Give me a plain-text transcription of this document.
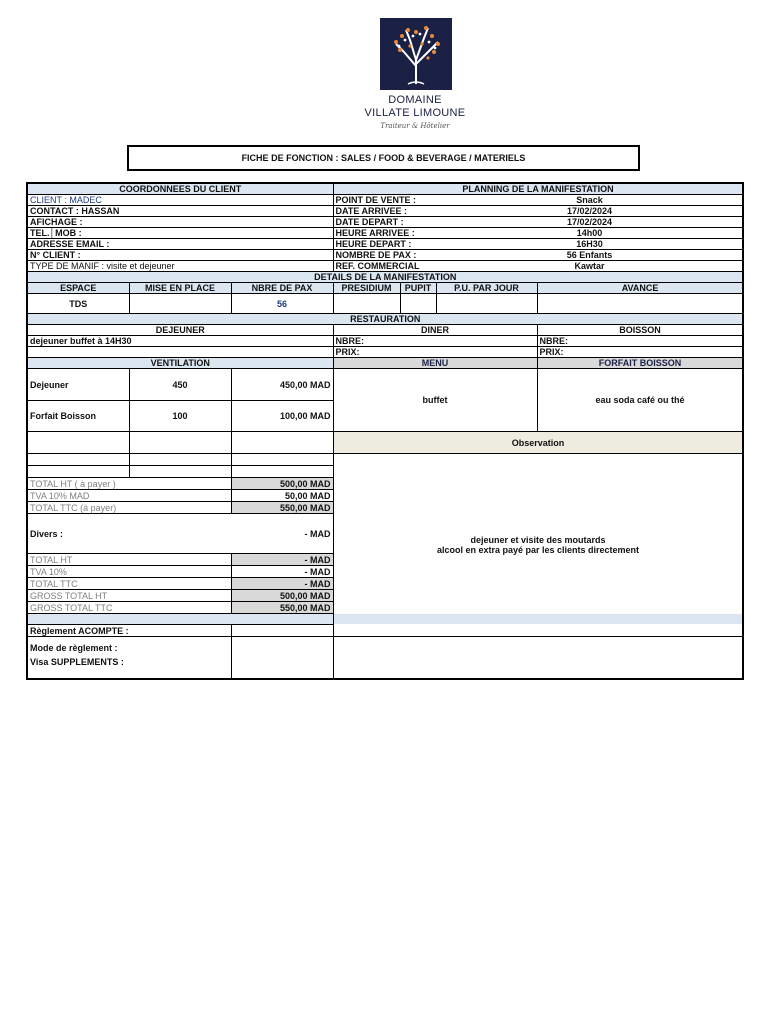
DOMAINE
VILLATE LIMOUNE
Traiteur & Hôtelier
FICHE DE FONCTION : SALES / FOOD & BEVERAGE / MATERIELS
COORDONNEES DU CLIENT			PLANNING DE LA MANIFESTATION				
CLIENT : MADEC			POINT DE VENTE :		Snack		
CONTACT : HASSAN			DATE ARRIVEE :		17/02/2024		
AFICHAGE :			DATE DEPART :		17/02/2024		
TEL.│MOB :			HEURE ARRIVEE :		14h00		
ADRESSE EMAIL :			HEURE DEPART :		16H30		
N° CLIENT :			NOMBRE DE PAX :		56 Enfants		
TYPE DE MANIF : visite et dejeuner			REF. COMMERCIAL		Kawtar		
DETAILS DE LA MANIFESTATION							
ESPACE	MISE EN PLACE	NBRE DE PAX	PRESIDIUM	PUPIT	P.U. PAR JOUR	AVANCE	
TDS		56					
RESTAURATION							
DEJEUNER			DINER			BOISSON	
dejeuner buffet à 14H30			NBRE:			NBRE:	
			PRIX:			PRIX:	
VENTILATION			MENU			FORFAIT BOISSON	
Dejeuner	450	450,00 MAD	buffet			eau soda café ou thé	
Forfait Boisson	100	100,00 MAD					
			Observation				

			dejeuner et visite des moutards
alcool en extra payé par les clients directement				

TOTAL HT ( à payer )		500,00 MAD					
TVA 10% MAD		50,00 MAD					
TOTAL TTC (à payer)		550,00 MAD					
Divers :		- MAD					
TOTAL HT		- MAD					
TVA 10%		- MAD					
TOTAL TTC		- MAD					
GROSS TOTAL HT		500,00 MAD					
GROSS TOTAL TTC		550,00 MAD					

Règlement ACOMPTE :							

Mode de règlement :
Visa SUPPLEMENTS :							
